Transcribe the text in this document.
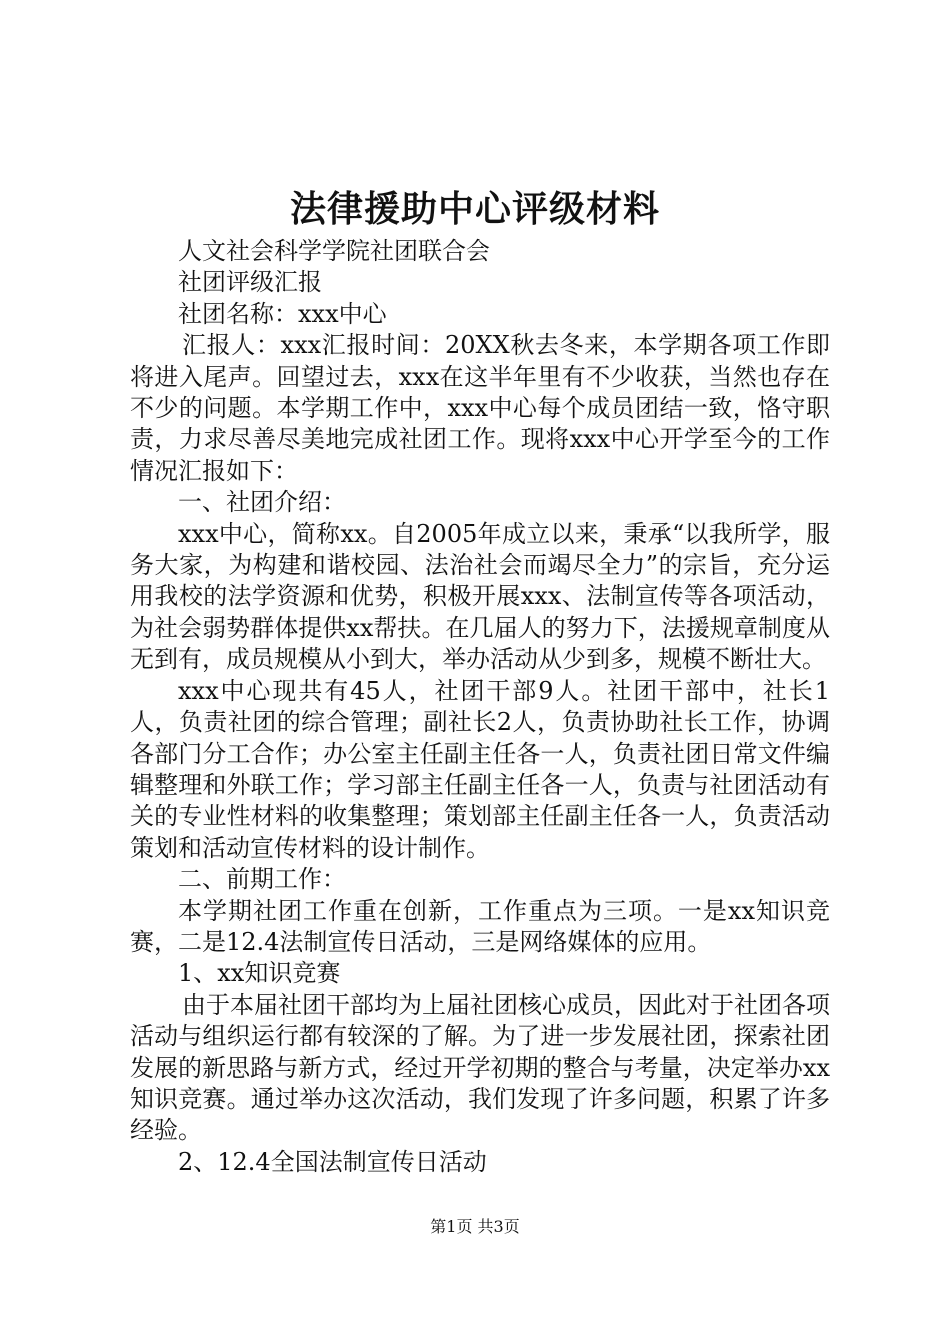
法律援助中心评级材料

人文社会科学学院社团联合会

社团评级汇报

社团名称：xxx中心

汇报人：xxx汇报时间：20XX秋去冬来，本学期各项工作即将进入尾声。回望过去，xxx在这半年里有不少收获，当然也存在不少的问题。本学期工作中，xxx中心每个成员团结一致，恪守职责，力求尽善尽美地完成社团工作。现将xxx中心开学至今的工作情况汇报如下：

一、社团介绍：

xxx中心，简称xx。自2005年成立以来，秉承“以我所学，服务大家，为构建和谐校园、法治社会而竭尽全力”的宗旨，充分运用我校的法学资源和优势，积极开展xxx、法制宣传等各项活动，为社会弱势群体提供xx帮扶。在几届人的努力下，法援规章制度从无到有，成员规模从小到大，举办活动从少到多，规模不断壮大。

xxx中心现共有45人，社团干部9人。社团干部中，社长1人，负责社团的综合管理；副社长2人，负责协助社长工作，协调各部门分工合作；办公室主任副主任各一人，负责社团日常文件编辑整理和外联工作；学习部主任副主任各一人，负责与社团活动有关的专业性材料的收集整理；策划部主任副主任各一人，负责活动策划和活动宣传材料的设计制作。

二、前期工作：

本学期社团工作重在创新，工作重点为三项。一是xx知识竞赛，二是12.4法制宣传日活动，三是网络媒体的应用。

1、xx知识竞赛

由于本届社团干部均为上届社团核心成员，因此对于社团各项活动与组织运行都有较深的了解。为了进一步发展社团，探索社团发展的新思路与新方式，经过开学初期的整合与考量，决定举办xx知识竞赛。通过举办这次活动，我们发现了许多问题，积累了许多经验。

2、12.4全国法制宣传日活动

第1页 共3页
